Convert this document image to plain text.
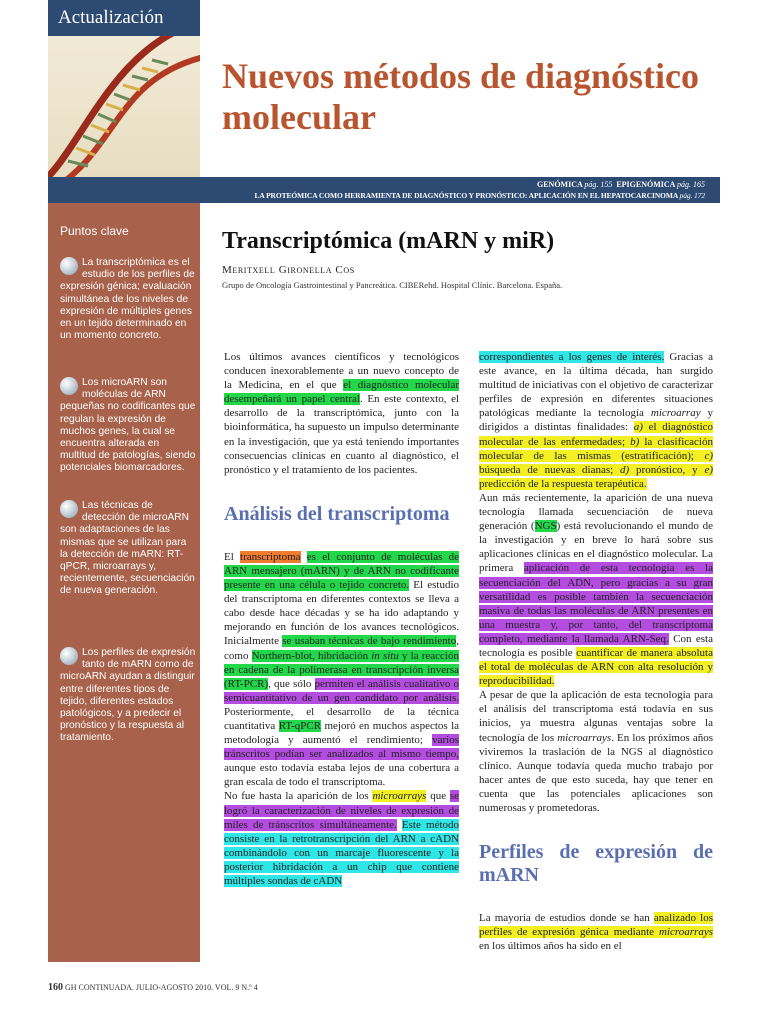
Actualización
Nuevos métodos de diagnóstico molecular
GENÓMICA pág. 155 EPIGENÓMICA pág. 165
LA PROTEÓMICA COMO HERRAMIENTA DE DIAGNÓSTICO Y PRONÓSTICO: APLICACIÓN EN EL HEPATOCARCINOMA pág. 172
Puntos clave
La transcriptómica es el estudio de los perfiles de expresión génica; evaluación simultánea de los niveles de expresión de múltiples genes en un tejido determinado en un momento concreto.
Los microARN son moléculas de ARN pequeñas no codificantes que regulan la expresión de muchos genes, la cual se encuentra alterada en multitud de patologías, siendo potenciales biomarcadores.
Las técnicas de detección de microARN son adaptaciones de las mismas que se utilizan para la detección de mARN: RT-qPCR, microarrays y, recientemente, secuenciación de nueva generación.
Los perfiles de expresión tanto de mARN como de microARN ayudan a distinguir entre diferentes tipos de tejido, diferentes estados patológicos, y a predecir el pronóstico y la respuesta al tratamiento.
Transcriptómica (mARN y miR)
Meritxell Gironella Cos
Grupo de Oncología Gastrointestinal y Pancreática. CIBERehd. Hospital Clínic. Barcelona. España.

Los últimos avances científicos y tecnológicos conducen inexorablemente a un nuevo concepto de la Medicina, en el que el diagnóstico molecular desempeñará un papel central. En este contexto, el desarrollo de la transcriptómica, junto con la bioinformática, ha supuesto un impulso determinante en la investigación, que ya está teniendo importantes consecuencias clínicas en cuanto al diagnóstico, el pronóstico y el tratamiento de los pacientes.

Análisis del transcriptoma

El transcriptoma es el conjunto de moléculas de ARN mensajero (mARN) y de ARN no codificante presente en una célula o tejido concreto. El estudio del transcriptoma en diferentes contextos se lleva a cabo desde hace décadas y se ha ido adaptando y mejorando en función de los avances tecnológicos. Inicialmente se usaban técnicas de bajo rendimiento, como Northern-blot, hibridación in situ y la reacción en cadena de la polimerasa en transcripción inversa (RT-PCR), que sólo permiten el análisis cualitativo o semicuantitativo de un gen candidato por análisis. Posteriormente, el desarrollo de la técnica cuantitativa RT-qPCR mejoró en muchos aspectos la metodología y aumentó el rendimiento; varios tránscritos podían ser analizados al mismo tiempo, aunque esto todavía estaba lejos de una cobertura a gran escala de todo el transcriptoma.

No fue hasta la aparición de los microarrays que se logró la caracterización de niveles de expresión de miles de tránscritos simultáneamente. Este método consiste en la retrotranscripción del ARN a cADN combinándolo con un marcaje fluorescente y la posterior hibridación a un chip que contiene múltiples sondas de cADN

correspondientes a los genes de interés. Gracias a este avance, en la última década, han surgido multitud de iniciativas con el objetivo de caracterizar perfiles de expresión en diferentes situaciones patológicas mediante la tecnología microarray y dirigidos a distintas finalidades: a) el diagnóstico molecular de las enfermedades; b) la clasificación molecular de las mismas (estratificación); c) búsqueda de nuevas dianas; d) pronóstico, y e) predicción de la respuesta terapéutica.

Aun más recientemente, la aparición de una nueva tecnología llamada secuenciación de nueva generación (NGS) está revolucionando el mundo de la investigación y en breve lo hará sobre sus aplicaciones clínicas en el diagnóstico molecular. La primera aplicación de esta tecnología es la secuenciación del ADN, pero gracias a su gran versatilidad es posible también la secuenciación masiva de todas las moléculas de ARN presentes en una muestra y, por tanto, del transcriptoma completo, mediante la llamada ARN-Seq. Con esta tecnología es posible cuantificar de manera absoluta el total de moléculas de ARN con alta resolución y reproducibilidad.

A pesar de que la aplicación de esta tecnología para el análisis del transcriptoma está todavía en sus inicios, ya muestra algunas ventajas sobre la tecnología de los microarrays. En los próximos años viviremos la traslación de la NGS al diagnóstico clínico. Aunque todavía queda mucho trabajo por hacer antes de que esto suceda, hay que tener en cuenta que las potenciales aplicaciones son numerosas y prometedoras.

Perfiles de expresión de mARN

La mayoría de estudios donde se han analizado los perfiles de expresión génica mediante microarrays en los últimos años ha sido en el

160 GH CONTINUADA. JULIO-AGOSTO 2010. VOL. 9 N.º 4
